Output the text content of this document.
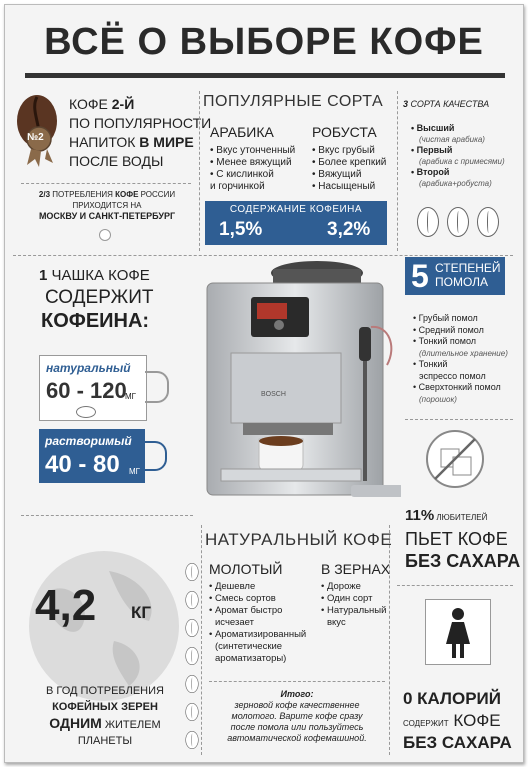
ВСЁ О ВЫБОРЕ КОФЕ
№2
КОФЕ 2-Й
ПО ПОПУЛЯРНОСТИ
НАПИТОК В МИРЕ
ПОСЛЕ ВОДЫ
2/3 ПОТРЕБЛЕНИЯ КОФЕ РОССИИ
ПРИХОДИТСЯ НА
МОСКВУ И САНКТ-ПЕТЕРБУРГ
ПОПУЛЯРНЫЕ СОРТА
АРАБИКА	РОБУСТА
• Вкус утонченный
• Менее вяжущий
• С кислинкой
и горчинкой
• Вкус грубый
• Более крепкий
• Вяжущий
• Насыщеный
СОДЕРЖАНИЕ КОФЕИНА
1,5%	3,2%
3 СОРТА КАЧЕСТВА
• Высший
(чистая арабика)
• Первый
(арабика с примесями)
• Второй
(арабика+робуста)
1 ЧАШКА КОФЕ
СОДЕРЖИТ
КОФЕИНА:
натуральный
60 - 120
МГ
растворимый
40 - 80 МГ
BOSCH
5 СТЕПЕНЕЙ
ПОМОЛА
• Грубый помол
• Средний помол
• Тонкий помол
(длительное хранение)
• Тонкий
эспрессо помол
• Сверхтонкий помол
(порошок)
11% ЛЮБИТЕЛЕЙ
ПЬЕТ КОФЕ
БЕЗ САХАРА
4,2 КГ
В ГОД ПОТРЕБЛЕНИЯ
КОФЕЙНЫХ ЗЕРЕН
ОДНИМ ЖИТЕЛЕМ
ПЛАНЕТЫ
НАТУРАЛЬНЫЙ КОФЕ
МОЛОТЫЙ	В ЗЕРНАХ
• Дешевле
• Смесь сортов
• Аромат быстро
исчезает
• Ароматизированный
(синтетические
ароматизаторы)
• Дороже
• Один сорт
• Натуральный
вкус
Итого:
зерновой кофе качественнее
молотого. Варите кофе сразу
после помола или пользуйтесь
автоматической кофемашиной.
0 КАЛОРИЙ
СОДЕРЖИТ КОФЕ
БЕЗ САХАРА
